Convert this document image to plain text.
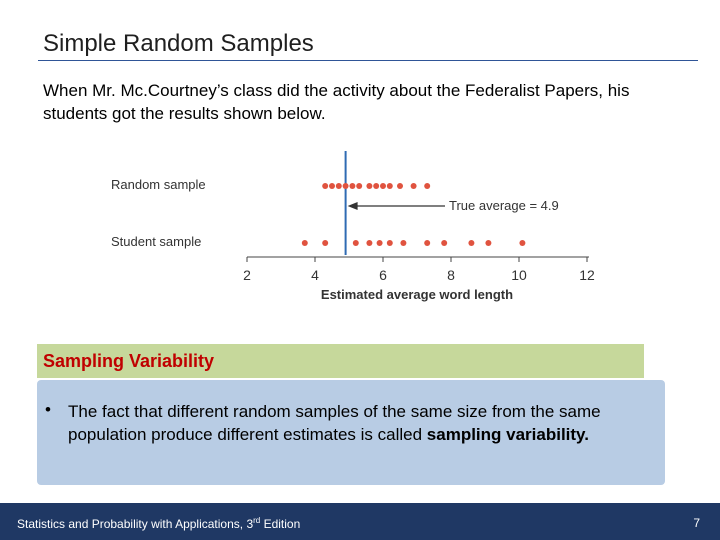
Simple Random Samples
When Mr. Mc.Courtney’s class did the activity about the Federalist Papers, his students got the results shown below.
Random sample
Student sample
True average = 4.9
2	4	6	8	10	12
Estimated average word length
Sampling Variability
• The fact that different random samples of the same size from the same population produce different estimates is called sampling variability.
Statistics and Probability with Applications, 3rd Edition	7
